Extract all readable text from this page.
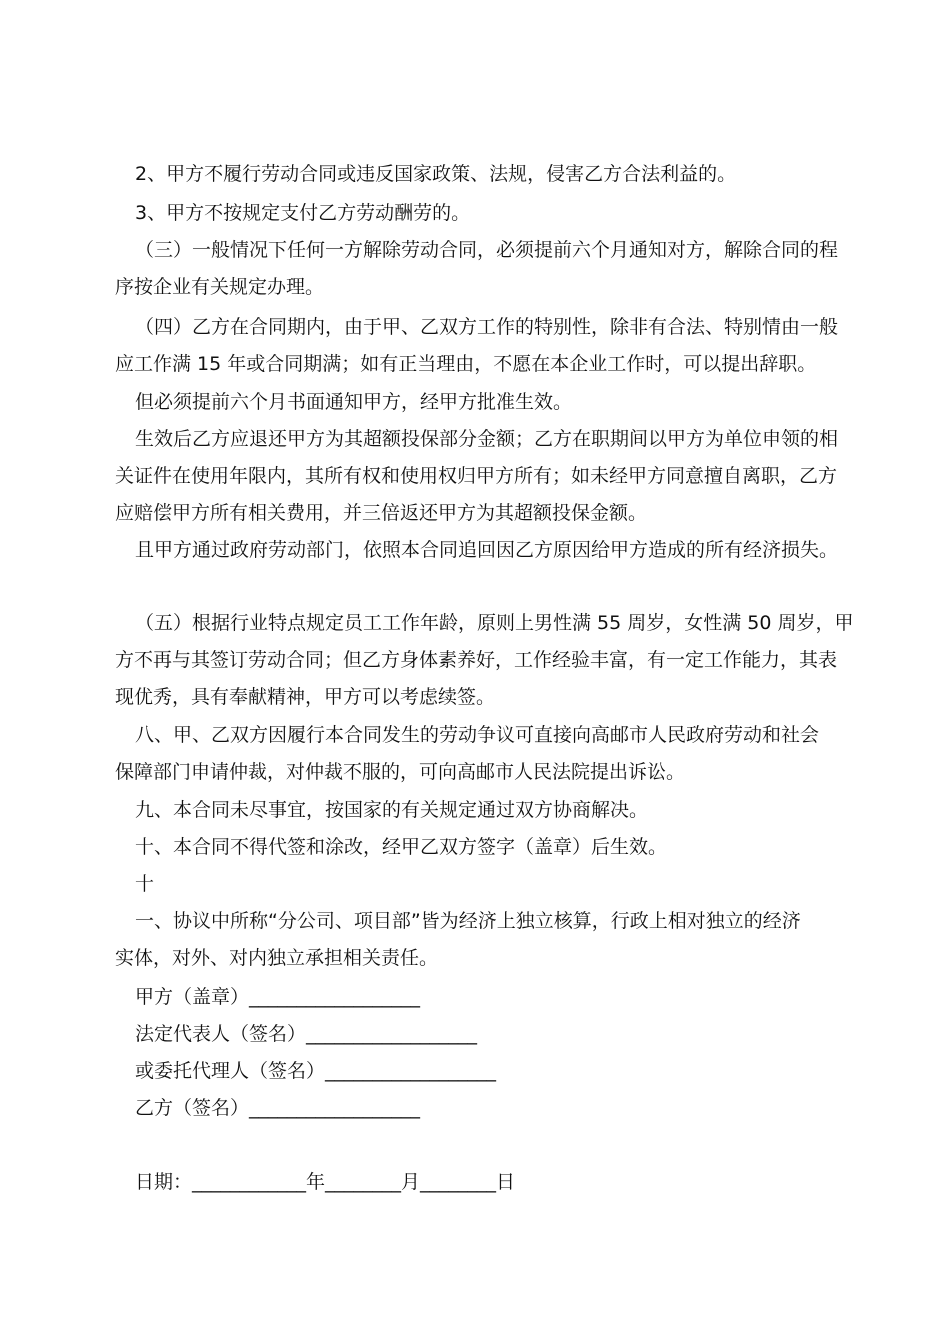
2、甲方不履行劳动合同或违反国家政策、法规，侵害乙方合法利益的。

3、甲方不按规定支付乙方劳动酬劳的。

（三）一般情况下任何一方解除劳动合同，必须提前六个月通知对方，解除合同的程
序按企业有关规定办理。

（四）乙方在合同期内，由于甲、乙双方工作的特别性，除非有合法、特别情由一般
应工作满 15 年或合同期满；如有正当理由，不愿在本企业工作时，可以提出辞职。

但必须提前六个月书面通知甲方，经甲方批准生效。

生效后乙方应退还甲方为其超额投保部分金额；乙方在职期间以甲方为单位申领的相
关证件在使用年限内，其所有权和使用权归甲方所有；如未经甲方同意擅自离职，乙方
应赔偿甲方所有相关费用，并三倍返还甲方为其超额投保金额。

且甲方通过政府劳动部门，依照本合同追回因乙方原因给甲方造成的所有经济损失。

（五）根据行业特点规定员工工作年龄，原则上男性满 55 周岁，女性满 50 周岁，甲
方不再与其签订劳动合同；但乙方身体素养好，工作经验丰富，有一定工作能力，其表
现优秀，具有奉献精神，甲方可以考虑续签。

八、甲、乙双方因履行本合同发生的劳动争议可直接向高邮市人民政府劳动和社会
保障部门申请仲裁，对仲裁不服的，可向高邮市人民法院提出诉讼。

九、本合同未尽事宜，按国家的有关规定通过双方协商解决。

十、本合同不得代签和涂改，经甲乙双方签字（盖章）后生效。

十

一、协议中所称“分公司、项目部”皆为经济上独立核算，行政上相对独立的经济
实体，对外、对内独立承担相关责任。

甲方（盖章）__________________

法定代表人（签名）__________________

或委托代理人（签名）__________________

乙方（签名）__________________

日期：____________年________月________日
